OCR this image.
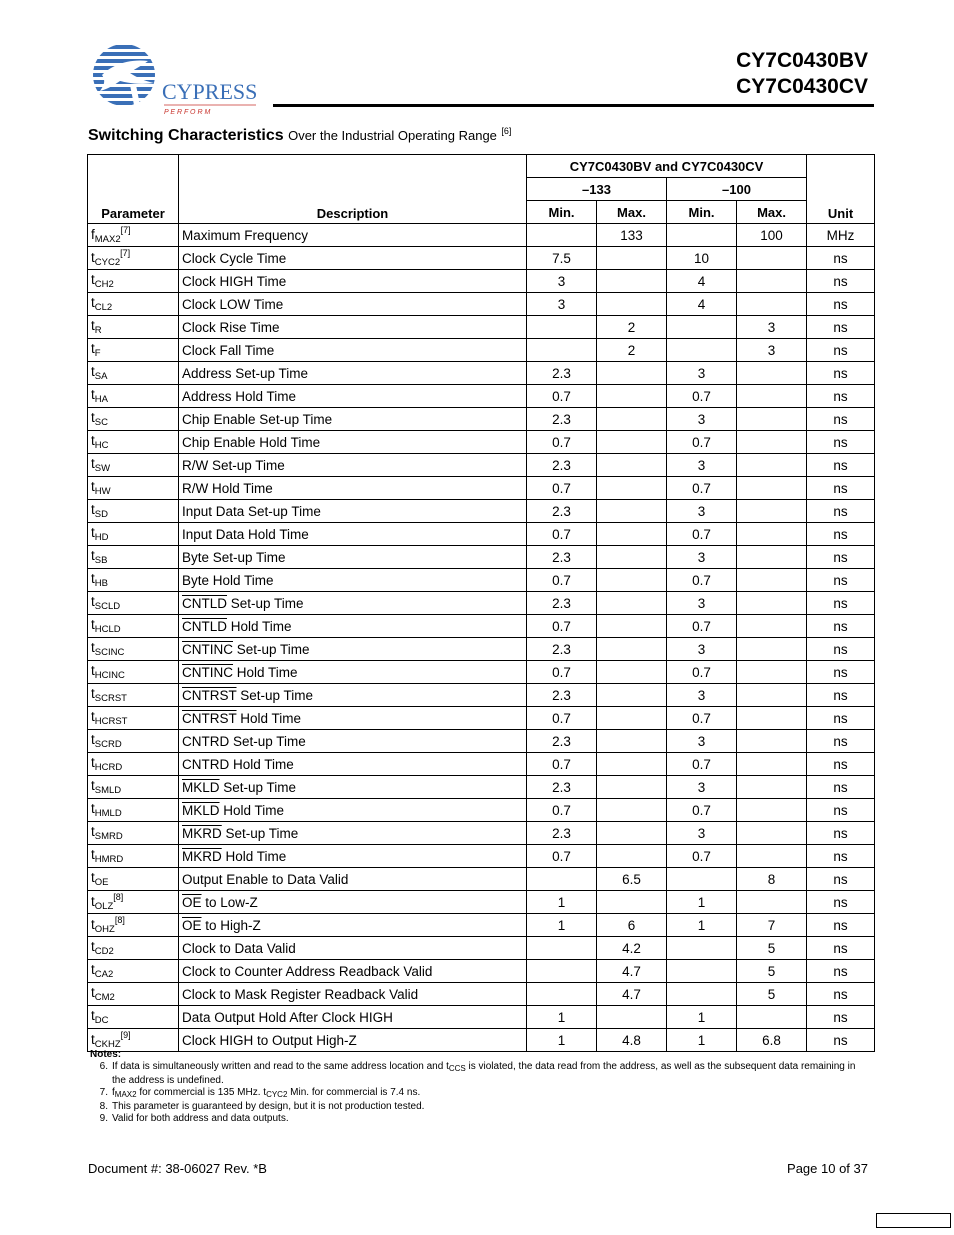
CYPRESS
P E R F O R M
CY7C0430BV
CY7C0430CV
Switching Characteristics Over the Industrial Operating Range [6]
Parameter	Description	CY7C0430BV and CY7C0430CV				Unit
		–133		–100		
		Min.	Max.	Min.	Max.	
$f_{MAX2}[7]$	Maximum Frequency		133		100	MHz
$t_{CYC2}[7]$	Clock Cycle Time	7.5		10		ns
$t_{CH2}$	Clock HIGH Time	3		4		ns
$t_{CL2}$	Clock LOW Time	3		4		ns
$t_R$	Clock Rise Time		2		3	ns
$t_F$	Clock Fall Time		2		3	ns
$t_{SA}$	Address Set-up Time	2.3		3		ns
$t_{HA}$	Address Hold Time	0.7		0.7		ns
$t_{SC}$	Chip Enable Set-up Time	2.3		3		ns
$t_{HC}$	Chip Enable Hold Time	0.7		0.7		ns
$t_{SW}$	R/W Set-up Time	2.3		3		ns
$t_{HW}$	R/W Hold Time	0.7		0.7		ns
$t_{SD}$	Input Data Set-up Time	2.3		3		ns
$t_{HD}$	Input Data Hold Time	0.7		0.7		ns
$t_{SB}$	Byte Set-up Time	2.3		3		ns
$t_{HB}$	Byte Hold Time	0.7		0.7		ns
$t_{SCLD}$	CNTLD Set-up Time	2.3		3		ns
$t_{HCLD}$	CNTLD Hold Time	0.7		0.7		ns
$t_{SCINC}$	CNTINC Set-up Time	2.3		3		ns
$t_{HCINC}$	CNTINC Hold Time	0.7		0.7		ns
$t_{SCRST}$	CNTRST Set-up Time	2.3		3		ns
$t_{HCRST}$	CNTRST Hold Time	0.7		0.7		ns
$t_{SCRD}$	CNTRD Set-up Time	2.3		3		ns
$t_{HCRD}$	CNTRD Hold Time	0.7		0.7		ns
$t_{SMLD}$	MKLD Set-up Time	2.3		3		ns
$t_{HMLD}$	MKLD Hold Time	0.7		0.7		ns
$t_{SMRD}$	MKRD Set-up Time	2.3		3		ns
$t_{HMRD}$	MKRD Hold Time	0.7		0.7		ns
$t_{OE}$	Output Enable to Data Valid		6.5		8	ns
$t_{OLZ}[8]$	$\overline{OE}$ to Low-Z	1		1		ns
$t_{OHZ}[8]$	$\overline{OE}$ to High-Z	1	6	1	7	ns
$t_{CD2}$	Clock to Data Valid		4.2		5	ns
$t_{CA2}$	Clock to Counter Address Readback Valid		4.7		5	ns
$t_{CM2}$	Clock to Mask Register Readback Valid		4.7		5	ns
$t_{DC}$	Data Output Hold After Clock HIGH	1		1		ns
$t_{CKHZ}[9]$	Clock HIGH to Output High-Z	1	4.8	1	6.8	ns
Notes:
6. If data is simultaneously written and read to the same address location and $t_{CCS}$ is violated, the data read from the address, as well as the subsequent data remaining in the address is undefined.
7. $f_{MAX2}$ for commercial is 135 MHz. $t_{CYC2}$ Min. for commercial is 7.4 ns.
8. This parameter is guaranteed by design, but it is not production tested.
9. Valid for both address and data outputs.
Document #: 38-06027 Rev. *B	Page 10 of 37
